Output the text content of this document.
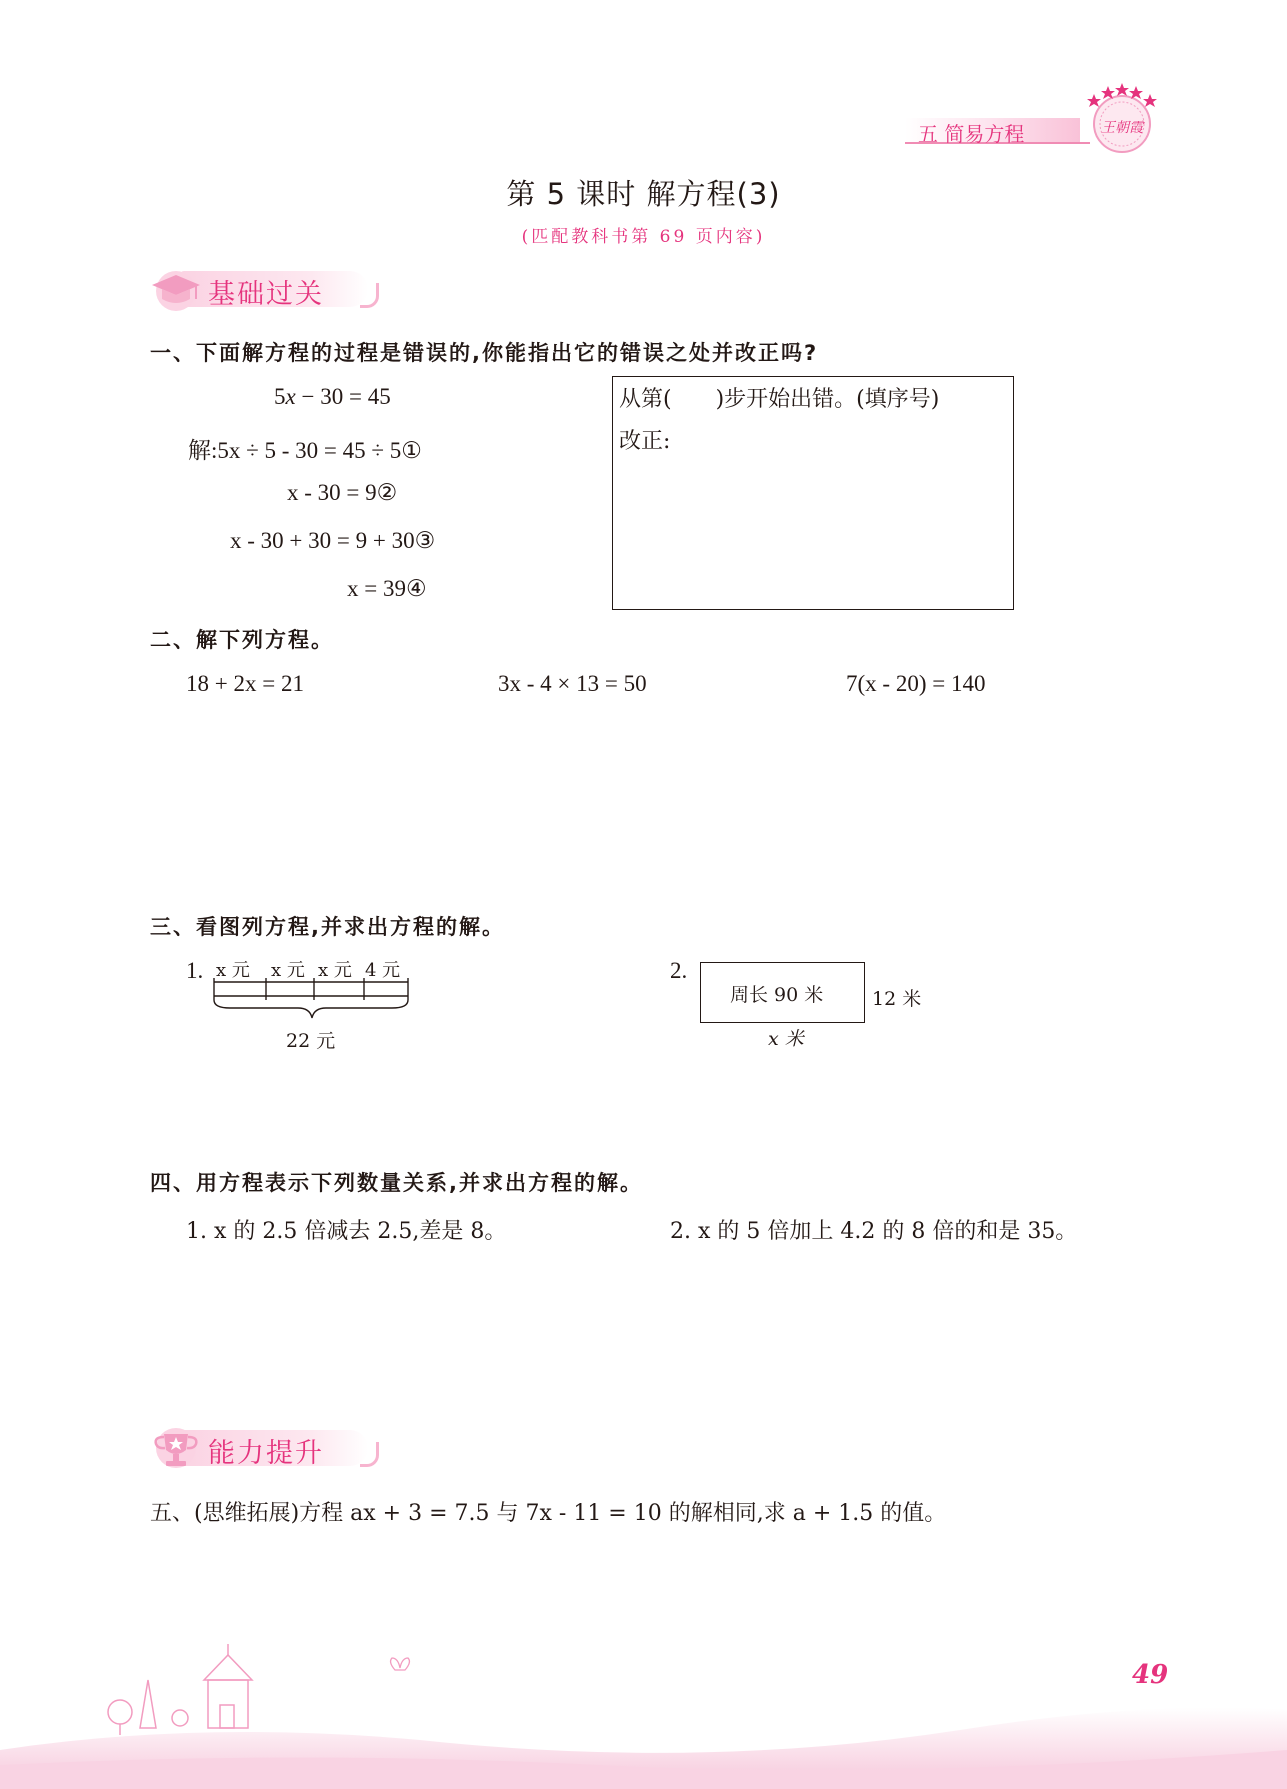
五 简易方程	王朝霞
第 5 课时 解方程(3)
(匹配教科书第 69 页内容)
基础过关
一、下面解方程的过程是错误的,你能指出它的错误之处并改正吗?
5x − 30 = 45
解:5x ÷ 5 - 30 = 45 ÷ 5①
x - 30 = 9②
x - 30 + 30 = 9 + 30③
x = 39④
从第( )步开始出错。(填序号)
改正:
二、解下列方程。
18 + 2x = 21	3x - 4 × 13 = 50	7(x - 20) = 140
三、看图列方程,并求出方程的解。
1. x 元 x 元 x 元 4 元
22 元
2.
周长 90 米	12 米
x 米
四、用方程表示下列数量关系,并求出方程的解。
1. x 的 2.5 倍减去 2.5,差是 8。	2. x 的 5 倍加上 4.2 的 8 倍的和是 35。
能力提升
五、(思维拓展)方程 ax + 3 = 7.5 与 7x - 11 = 10 的解相同,求 a + 1.5 的值。
49
